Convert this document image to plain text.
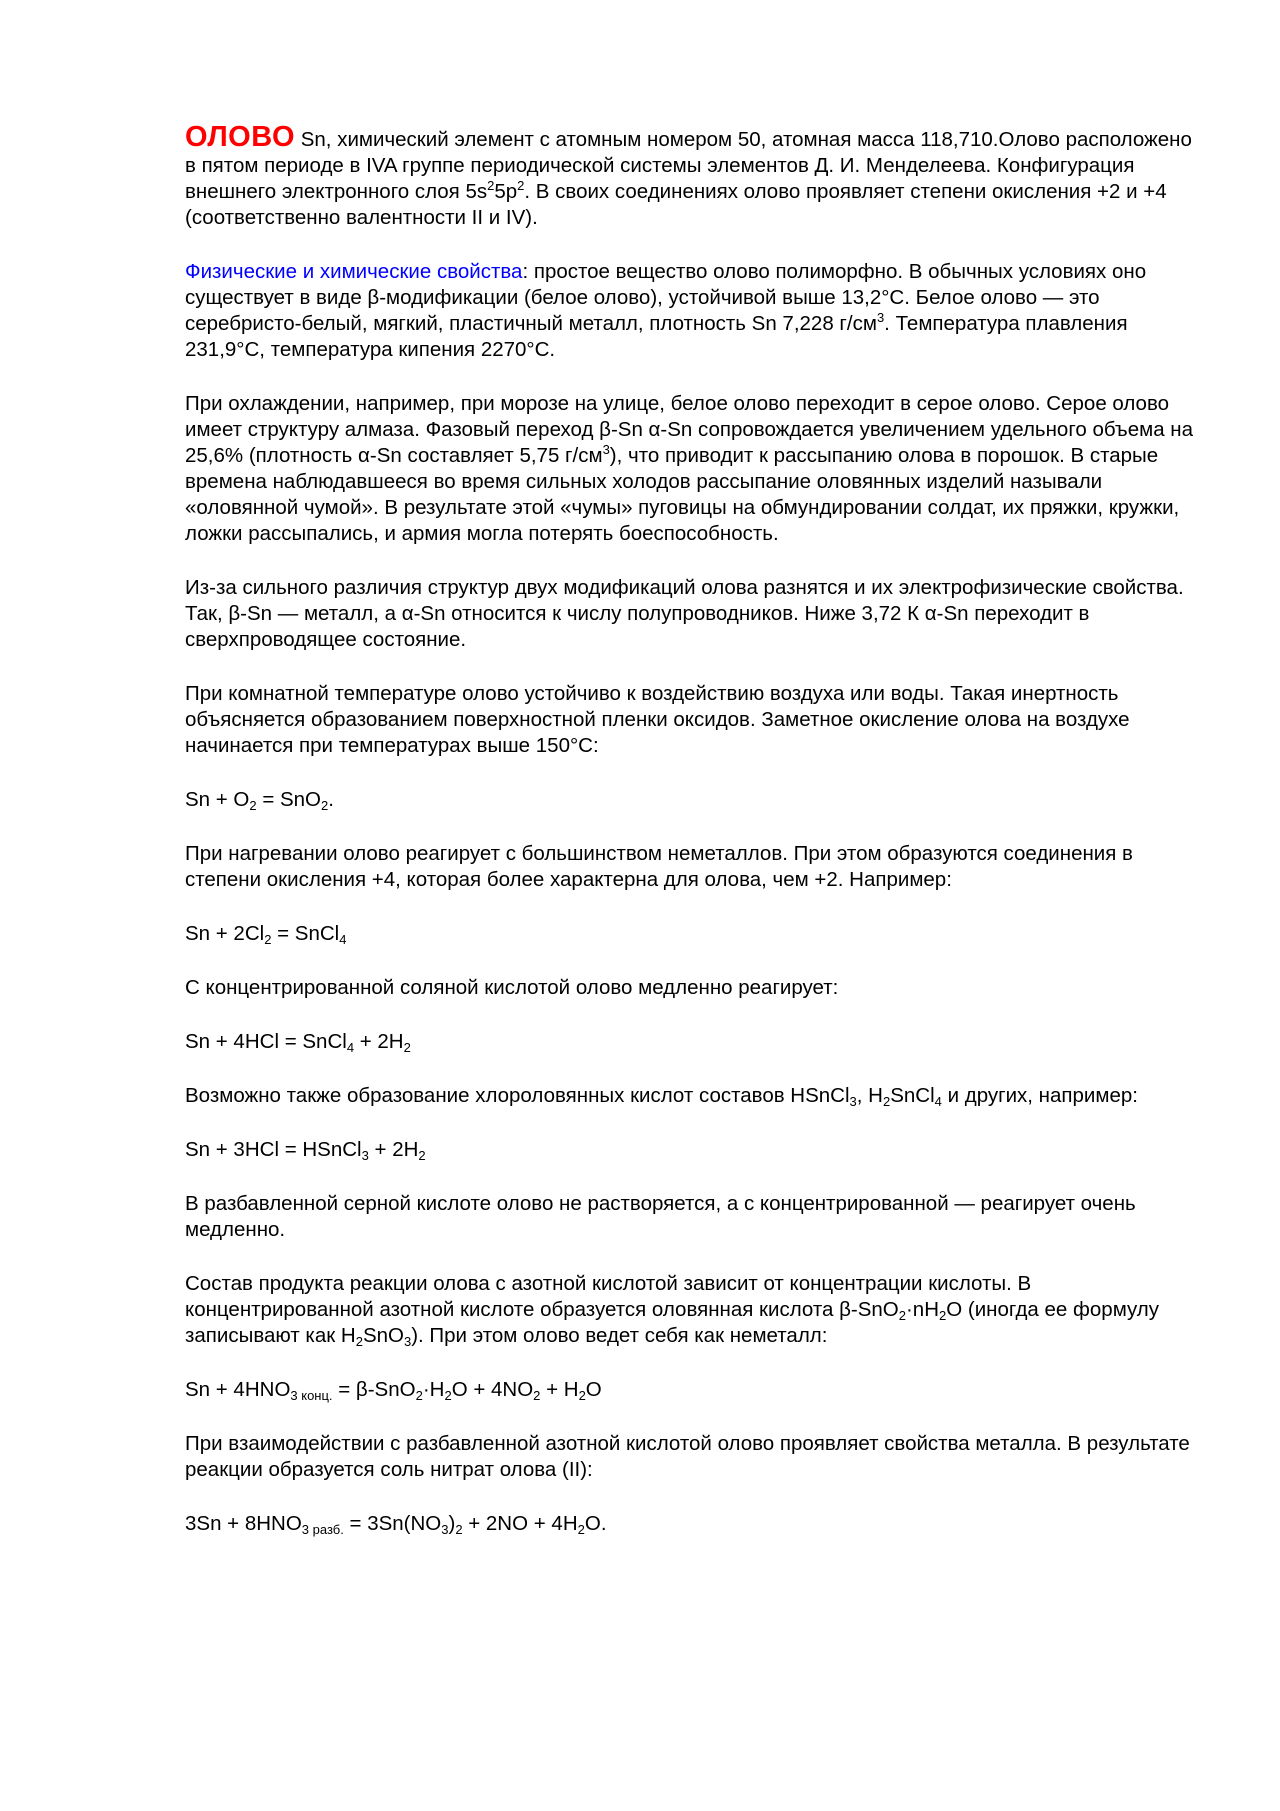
ОЛОВО Sn, химический элемент с атомным номером 50, атомная масса 118,710.Олово расположено в пятом периоде в IVA группе периодической системы элементов Д. И. Менделеева. Конфигурация внешнего электронного слоя $5s^25p^2$. В своих соединениях олово проявляет степени окисления +2 и +4 (соответственно валентности II и IV).

Физические и химические свойства: простое вещество олово полиморфно. В обычных условиях оно существует в виде β-модификации (белое олово), устойчивой выше 13,2°C. Белое олово — это серебристо-белый, мягкий, пластичный металл, плотность Sn 7,228 $г/см^3$. Температура плавления 231,9°C, температура кипения 2270°C.

При охлаждении, например, при морозе на улице, белое олово переходит в серое олово. Серое олово имеет структуру алмаза. Фазовый переход β-Sn α-Sn сопровождается увеличением удельного объема на 25,6% (плотность α-Sn составляет 5,75 $г/см^3$), что приводит к рассыпанию олова в порошок. В старые времена наблюдавшееся во время сильных холодов рассыпание оловянных изделий называли «оловянной чумой». В результате этой «чумы» пуговицы на обмундировании солдат, их пряжки, кружки, ложки рассыпались, и армия могла потерять боеспособность.

Из-за сильного различия структур двух модификаций олова разнятся и их электрофизические свойства. Так, β-Sn — металл, а α-Sn относится к числу полупроводников. Ниже 3,72 К α-Sn переходит в сверхпроводящее состояние.

При комнатной температуре олово устойчиво к воздействию воздуха или воды. Такая инертность объясняется образованием поверхностной пленки оксидов. Заметное окисление олова на воздухе начинается при температурах выше 150°C:

$Sn + O_2 = SnO_2$.

При нагревании олово реагирует с большинством неметаллов. При этом образуются соединения в степени окисления +4, которая более характерна для олова, чем +2. Например:

$Sn + 2Cl_2$ = SnCl$_4$

С концентрированной соляной кислотой олово медленно реагирует:

Sn + 4HCl = SnCl$_4$ + $2H_2$

Возможно также образование хлороловянных кислот составов HSnCl$_3$, $H_2SnCl_4$ и других, например:

Sn + 3HCl = HSnCl$_3$ + $2H_2$

В разбавленной серной кислоте олово не растворяется, а с концентрированной — реагирует очень медленно.

Состав продукта реакции олова с азотной кислотой зависит от концентрации кислоты. В концентрированной азотной кислоте образуется оловянная кислота $\beta-SnO_2\cdot nH_2O$ (иногда ее формулу записывают как $H_2SnO_3$). При этом олово ведет себя как неметалл:

$Sn + 4HNO_{3 конц.} = \beta-SnO_2\cdot H_2O + 4NO_2 + H_2O$

При взаимодействии с разбавленной азотной кислотой олово проявляет свойства металла. В результате реакции образуется соль нитрат олова (II):

$3Sn + 8HNO_{3 разб.} = 3Sn(NO_3)_2 + 2NO + 4H_2O$.
